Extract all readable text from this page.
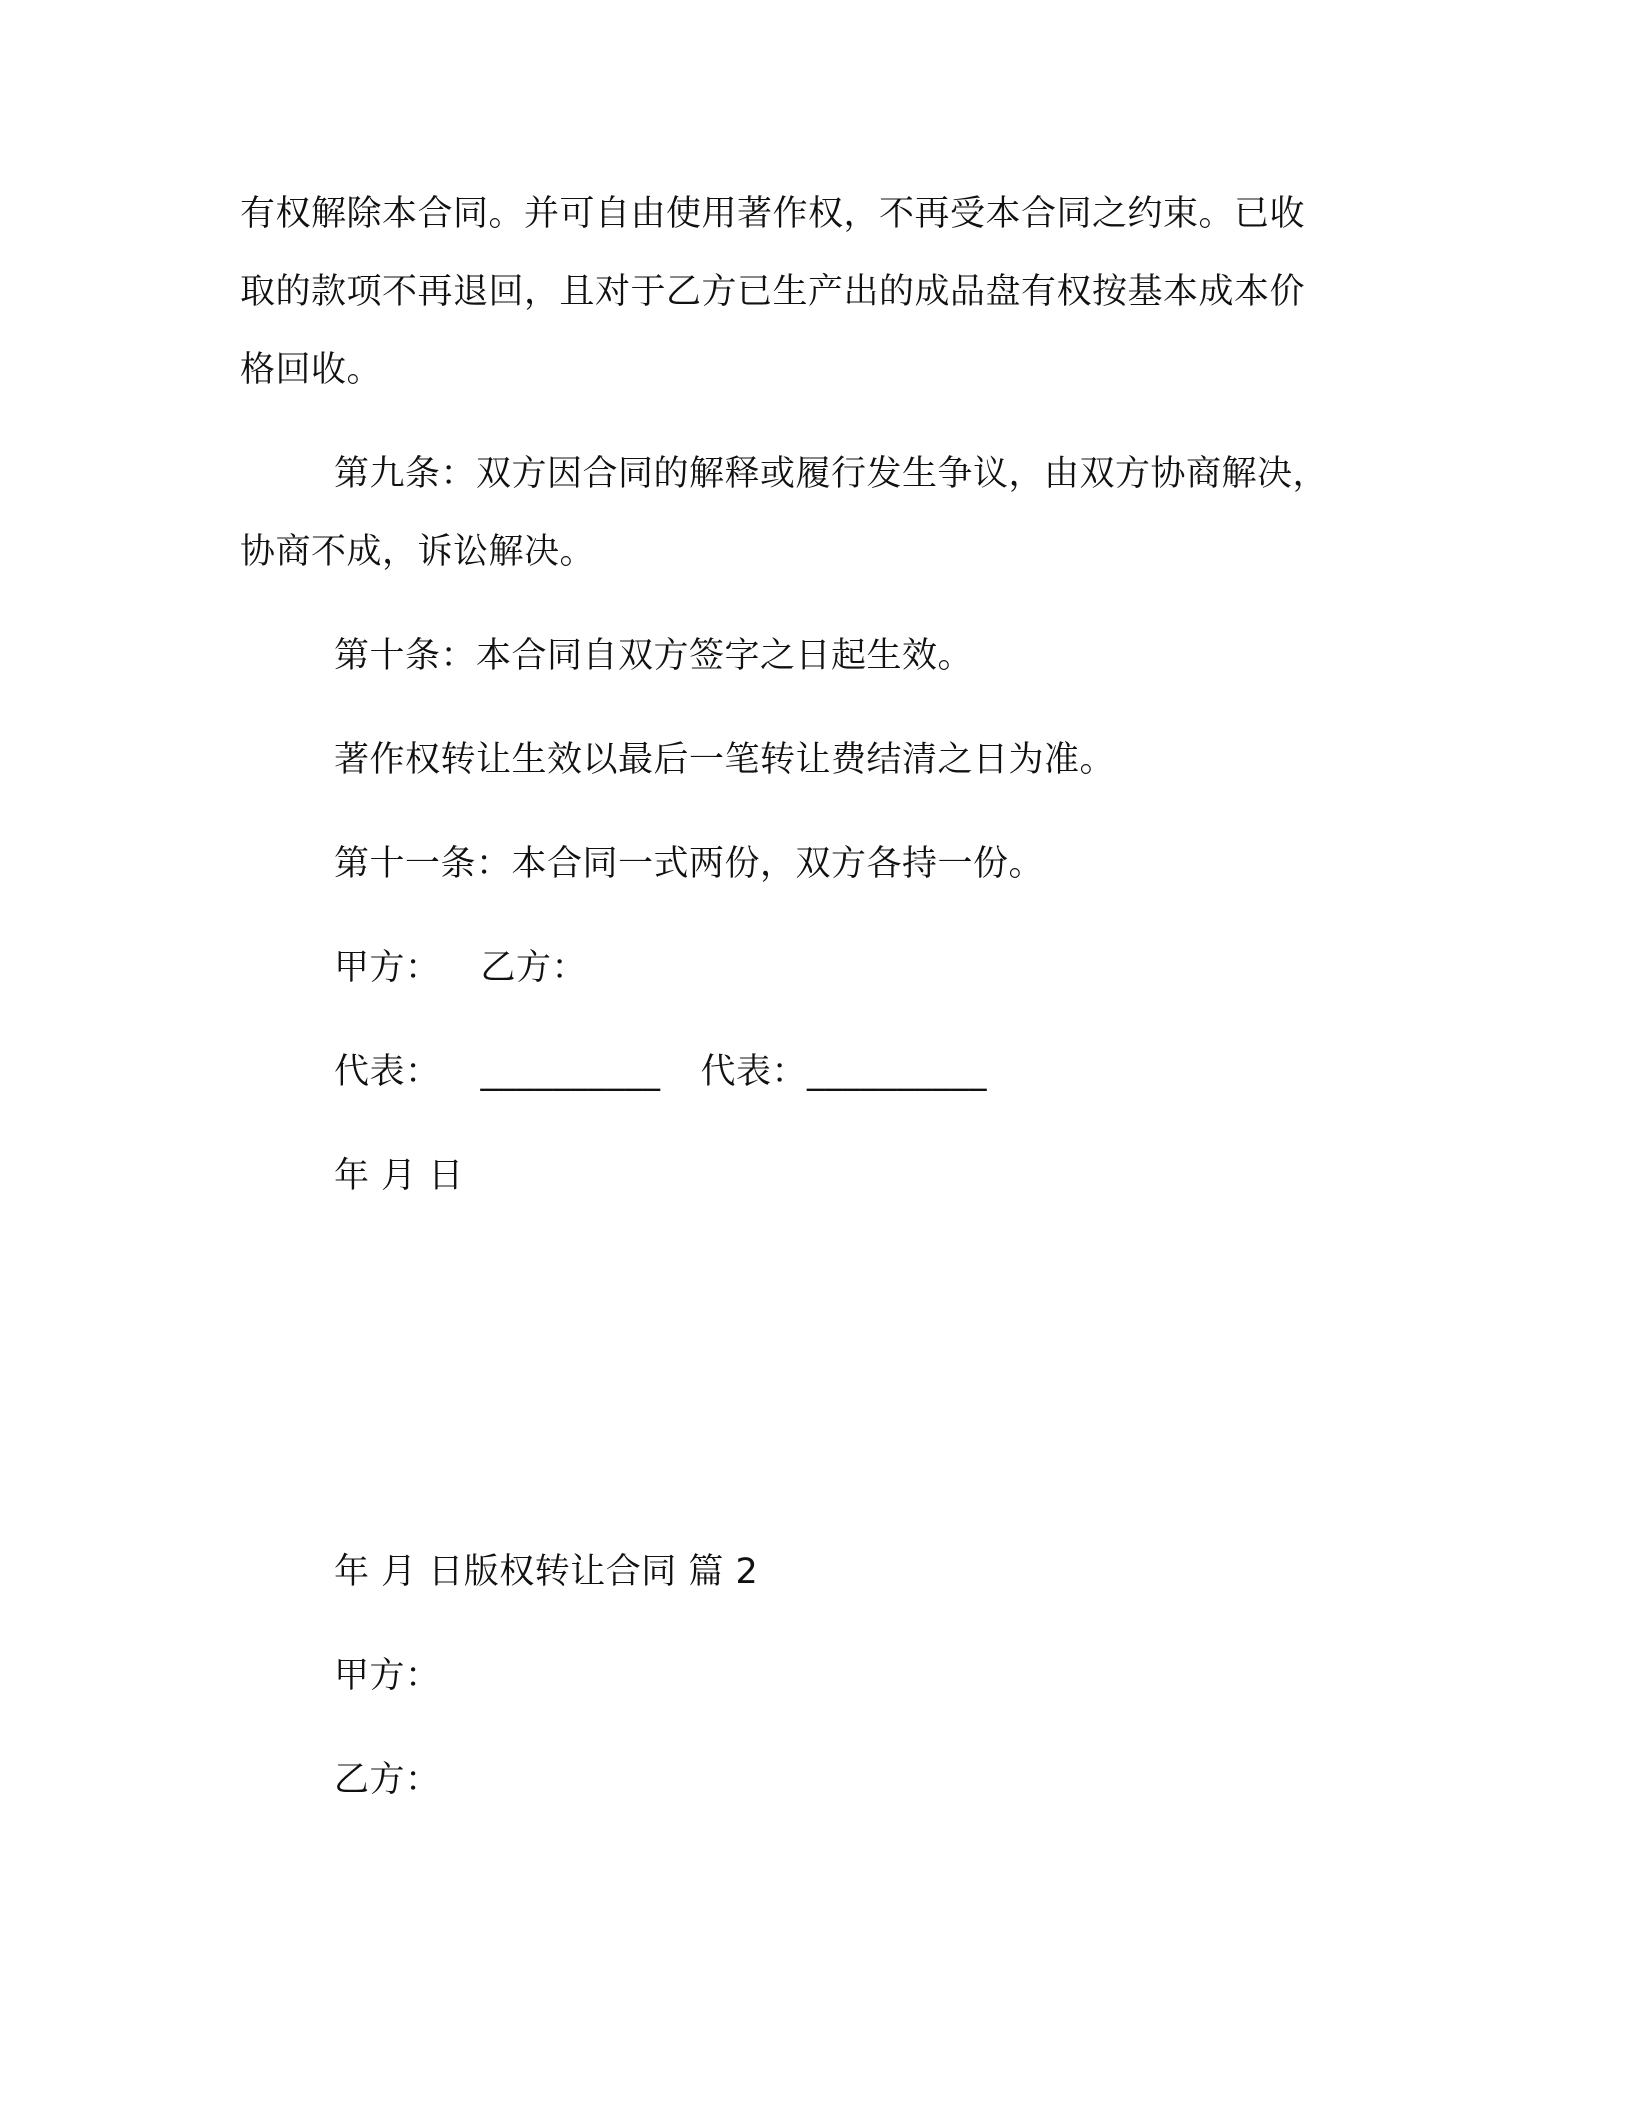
有权解除本合同。并可自由使用著作权，不再受本合同之约束。已收
取的款项不再退回，且对于乙方已生产出的成品盘有权按基本成本价
格回收。
第九条：双方因合同的解释或履行发生争议，由双方协商解决，
协商不成，诉讼解决。
第十条：本合同自双方签字之日起生效。
著作权转让生效以最后一笔转让费结清之日为准。
第十一条：本合同一式两份，双方各持一份。
甲方： 乙方：
代表： __________ 代表：__________
年 月 日
年 月 日版权转让合同 篇 2
甲方：
乙方：
